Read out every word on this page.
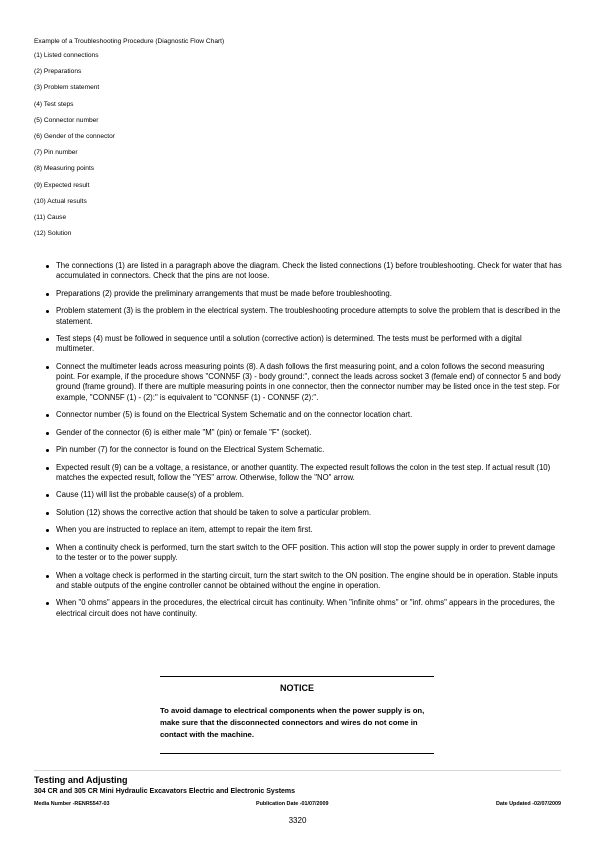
Example of a Troubleshooting Procedure (Diagnostic Flow Chart)
(1) Listed connections
(2) Preparations
(3) Problem statement
(4) Test steps
(5) Connector number
(6) Gender of the connector
(7) Pin number
(8) Measuring points
(9) Expected result
(10) Actual results
(11) Cause
(12) Solution
The connections (1) are listed in a paragraph above the diagram. Check the listed connections (1) before troubleshooting. Check for water that has accumulated in connectors. Check that the pins are not loose.
Preparations (2) provide the preliminary arrangements that must be made before troubleshooting.
Problem statement (3) is the problem in the electrical system. The troubleshooting procedure attempts to solve the problem that is described in the statement.
Test steps (4) must be followed in sequence until a solution (corrective action) is determined. The tests must be performed with a digital multimeter.
Connect the multimeter leads across measuring points (8). A dash follows the first measuring point, and a colon follows the second measuring point. For example, if the procedure shows "CONN5F (3) - body ground:", connect the leads across socket 3 (female end) of connector 5 and body ground (frame ground). If there are multiple measuring points in one connector, then the connector number may be listed once in the test step. For example, "CONN5F (1) - (2):" is equivalent to "CONN5F (1) - CONN5F (2):".
Connector number (5) is found on the Electrical System Schematic and on the connector location chart.
Gender of the connector (6) is either male "M" (pin) or female "F" (socket).
Pin number (7) for the connector is found on the Electrical System Schematic.
Expected result (9) can be a voltage, a resistance, or another quantity. The expected result follows the colon in the test step. If actual result (10) matches the expected result, follow the "YES" arrow. Otherwise, follow the "NO" arrow.
Cause (11) will list the probable cause(s) of a problem.
Solution (12) shows the corrective action that should be taken to solve a particular problem.
When you are instructed to replace an item, attempt to repair the item first.
When a continuity check is performed, turn the start switch to the OFF position. This action will stop the power supply in order to prevent damage to the tester or to the power supply.
When a voltage check is performed in the starting circuit, turn the start switch to the ON position. The engine should be in operation. Stable inputs and stable outputs of the engine controller cannot be obtained without the engine in operation.
When "0 ohms" appears in the procedures, the electrical circuit has continuity. When "infinite ohms" or "inf. ohms" appears in the procedures, the electrical circuit does not have continuity.
NOTICE
To avoid damage to electrical components when the power supply is on, make sure that the disconnected connectors and wires do not come in contact with the machine.
Testing and Adjusting
304 CR and 305 CR Mini Hydraulic Excavators Electric and Electronic Systems
Media Number -RENR5547-03	Publication Date -01/07/2009	Date Updated -02/07/2009
3320
